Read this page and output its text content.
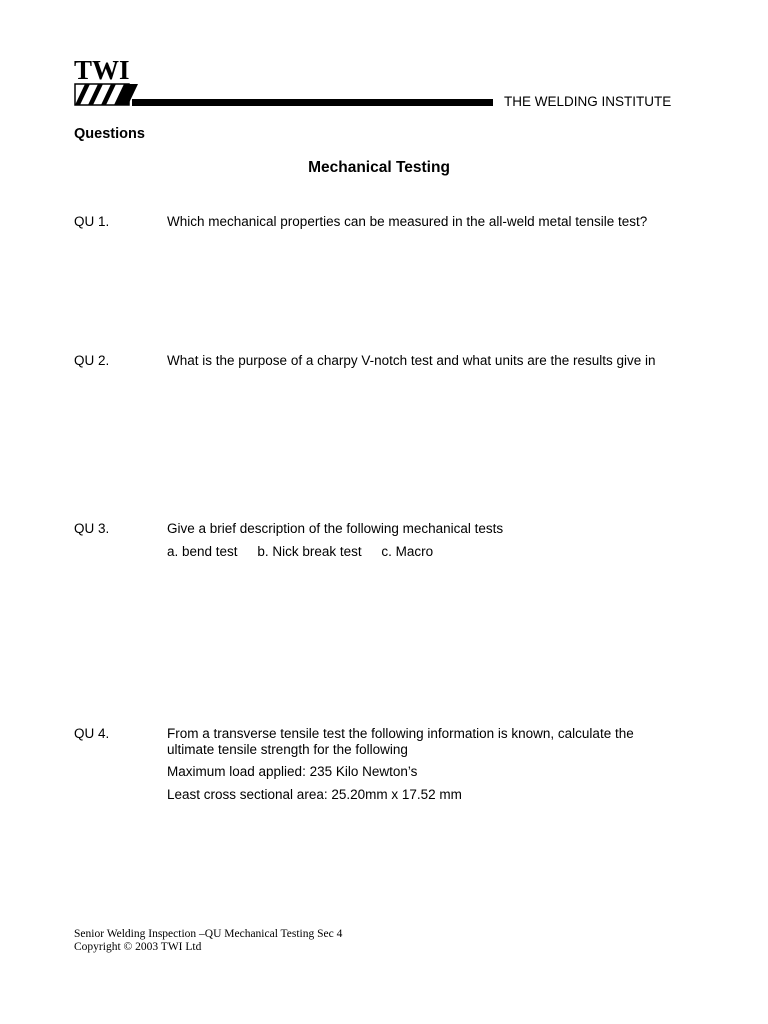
TWI
THE WELDING INSTITUTE
Questions
Mechanical Testing
QU 1.	Which mechanical properties can be measured in the all-weld metal tensile test?

QU 2.	What is the purpose of a charpy V-notch test and what units are the results give in

QU 3.	Give a brief description of the following mechanical tests

a. bend test b. Nick break test c. Macro

QU 4.	From a transverse tensile test the following information is known, calculate the ultimate tensile strength for the following

Maximum load applied: 235 Kilo Newton’s

Least cross sectional area: 25.20mm x 17.52 mm

Senior Welding Inspection –QU Mechanical Testing Sec 4
Copyright © 2003 TWI Ltd
